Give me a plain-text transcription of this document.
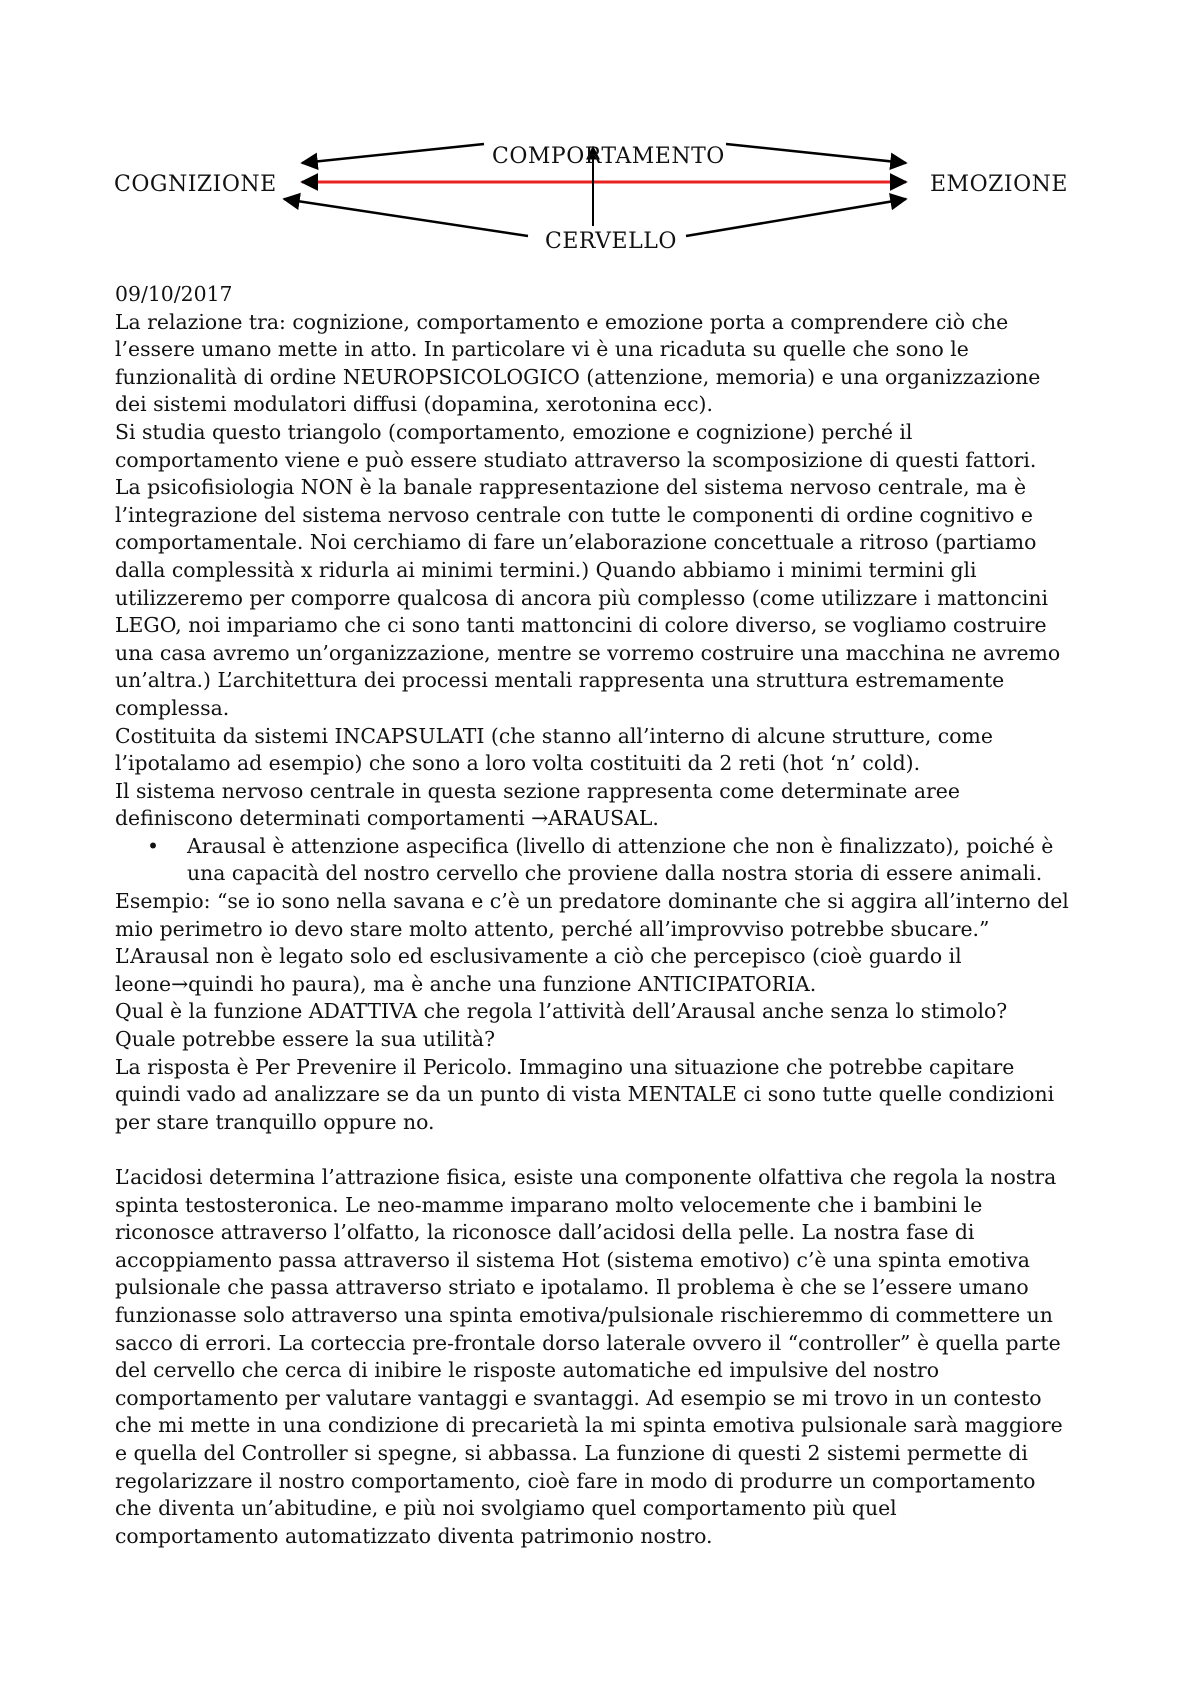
COMPORTAMENTO
COGNIZIONE	EMOZIONE
CERVELLO

09/10/2017

La relazione tra: cognizione, comportamento e emozione porta a comprendere ciò che

l’essere umano mette in atto. In particolare vi è una ricaduta su quelle che sono le

funzionalità di ordine NEUROPSICOLOGICO (attenzione, memoria) e una organizzazione

dei sistemi modulatori diffusi (dopamina, xerotonina ecc).

Si studia questo triangolo (comportamento, emozione e cognizione) perché il

comportamento viene e può essere studiato attraverso la scomposizione di questi fattori.

La psicofisiologia NON è la banale rappresentazione del sistema nervoso centrale, ma è

l’integrazione del sistema nervoso centrale con tutte le componenti di ordine cognitivo e

comportamentale. Noi cerchiamo di fare un’elaborazione concettuale a ritroso (partiamo

dalla complessità x ridurla ai minimi termini.) Quando abbiamo i minimi termini gli

utilizzeremo per comporre qualcosa di ancora più complesso (come utilizzare i mattoncini

LEGO, noi impariamo che ci sono tanti mattoncini di colore diverso, se vogliamo costruire

una casa avremo un’organizzazione, mentre se vorremo costruire una macchina ne avremo

un’altra.) L’architettura dei processi mentali rappresenta una struttura estremamente

complessa.

Costituita da sistemi INCAPSULATI (che stanno all’interno di alcune strutture, come

l’ipotalamo ad esempio) che sono a loro volta costituiti da 2 reti (hot ‘n’ cold).

Il sistema nervoso centrale in questa sezione rappresenta come determinate aree

definiscono determinati comportamenti →ARAUSAL.

• Arausal è attenzione aspecifica (livello di attenzione che non è finalizzato), poiché è

una capacità del nostro cervello che proviene dalla nostra storia di essere animali.

Esempio: “se io sono nella savana e c’è un predatore dominante che si aggira all’interno del

mio perimetro io devo stare molto attento, perché all’improvviso potrebbe sbucare.”

L’Arausal non è legato solo ed esclusivamente a ciò che percepisco (cioè guardo il

leone→quindi ho paura), ma è anche una funzione ANTICIPATORIA.

Qual è la funzione ADATTIVA che regola l’attività dell’Arausal anche senza lo stimolo?

Quale potrebbe essere la sua utilità?

La risposta è Per Prevenire il Pericolo. Immagino una situazione che potrebbe capitare

quindi vado ad analizzare se da un punto di vista MENTALE ci sono tutte quelle condizioni

per stare tranquillo oppure no.

L’acidosi determina l’attrazione fisica, esiste una componente olfattiva che regola la nostra

spinta testosteronica. Le neo-mamme imparano molto velocemente che i bambini le

riconosce attraverso l’olfatto, la riconosce dall’acidosi della pelle. La nostra fase di

accoppiamento passa attraverso il sistema Hot (sistema emotivo) c’è una spinta emotiva

pulsionale che passa attraverso striato e ipotalamo. Il problema è che se l’essere umano

funzionasse solo attraverso una spinta emotiva/pulsionale rischieremmo di commettere un

sacco di errori. La corteccia pre-frontale dorso laterale ovvero il “controller” è quella parte

del cervello che cerca di inibire le risposte automatiche ed impulsive del nostro

comportamento per valutare vantaggi e svantaggi. Ad esempio se mi trovo in un contesto

che mi mette in una condizione di precarietà la mi spinta emotiva pulsionale sarà maggiore

e quella del Controller si spegne, si abbassa. La funzione di questi 2 sistemi permette di

regolarizzare il nostro comportamento, cioè fare in modo di produrre un comportamento

che diventa un’abitudine, e più noi svolgiamo quel comportamento più quel

comportamento automatizzato diventa patrimonio nostro.
